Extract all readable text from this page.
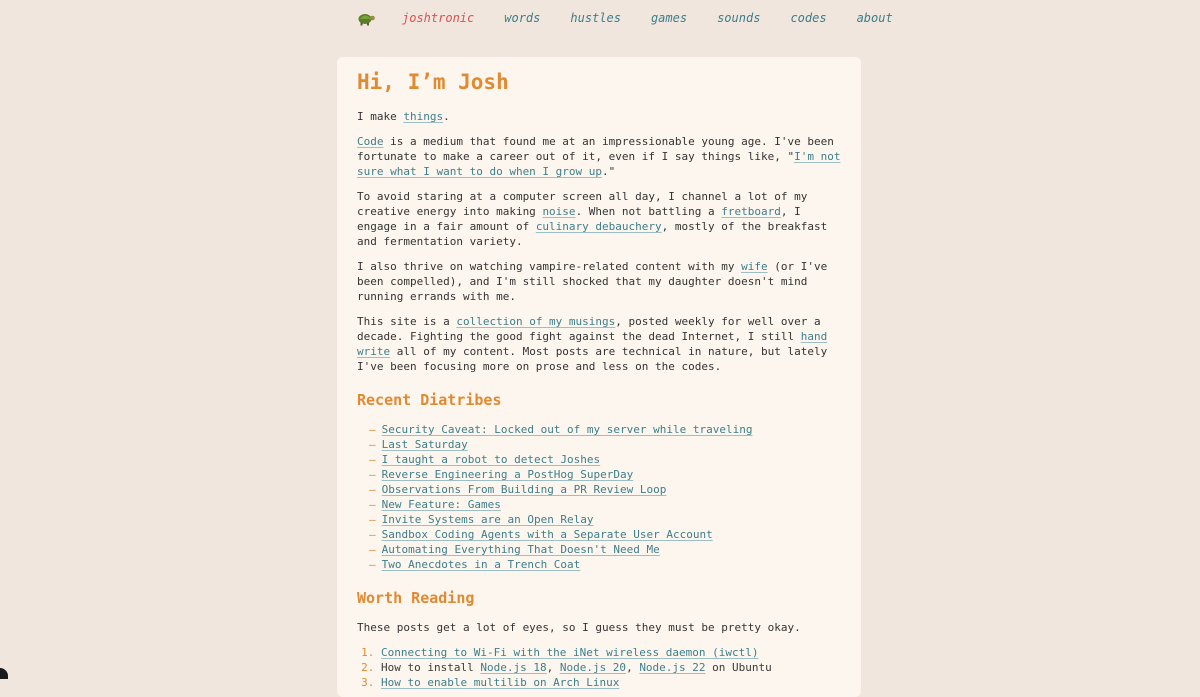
joshtronic	words	hustles	games	sounds	codes	about
Hi, I’m Josh

I make things.

Code is a medium that found me at an impressionable young age. I've been fortunate to make a career out of it, even if I say things like, "I'm not sure what I want to do when I grow up."

To avoid staring at a computer screen all day, I channel a lot of my creative energy into making noise. When not battling a fretboard, I engage in a fair amount of culinary debauchery, mostly of the breakfast and fermentation variety.

I also thrive on watching vampire-related content with my wife (or I've been compelled), and I'm still shocked that my daughter doesn't mind running errands with me.

This site is a collection of my musings, posted weekly for well over a decade. Fighting the good fight against the dead Internet, I still hand write all of my content. Most posts are technical in nature, but lately I've been focusing more on prose and less on the codes.

Recent Diatribes
– Security Caveat: Locked out of my server while traveling
– Last Saturday
– I taught a robot to detect Joshes
– Reverse Engineering a PostHog SuperDay
– Observations From Building a PR Review Loop
– New Feature: Games
– Invite Systems are an Open Relay
– Sandbox Coding Agents with a Separate User Account
– Automating Everything That Doesn't Need Me
– Two Anecdotes in a Trench Coat
Worth Reading

These posts get a lot of eyes, so I guess they must be pretty okay.

1. Connecting to Wi-Fi with the iNet wireless daemon (iwctl)
2. How to install Node.js 18, Node.js 20, Node.js 22 on Ubuntu
3. How to enable multilib on Arch Linux
